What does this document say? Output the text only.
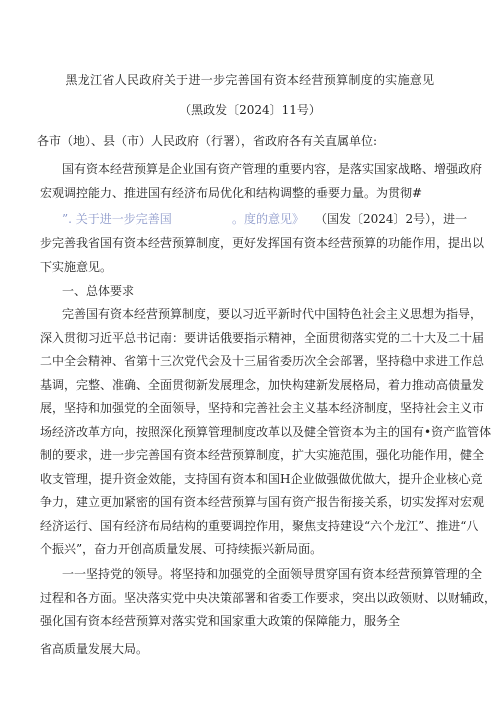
黑龙江省人民政府关于进一步完善国有资本经营预算制度的实施意见
（黑政发〔2024〕11号）
各市（地）、县（市）人民政府（行署），省政府各有关直属单位:
国有资本经营预算是企业国有资产管理的重要内容，是落实国家战略、增强政府
宏观调控能力、推进国有经济布局优化和结构调整的垂要力量。为贯彻#
”. 关于进一步完善国	。度的意见》 （国发〔2024〕2号），进一
步完善我省国有资本经营预算制度，更好发挥国有资本经营预算的功能作用，提出以
下实施意见。
一、总体要求
完善国有资本经营预算制度，要以习近平新时代中国特色社会主义思想为指导，
深入贯彻习近平总书记南：要讲话俄要指示精神，全面贯彻落实党的二十大及二十届
二中全会精神、省第十三次党代会及十三届省委历次全会部署，坚持稳中求进工作总
基调，完整、准确、全面贯彻新发展理念，加快构建新发展格局，着力推动高债量发
展，坚持和加强党的全面领导，坚持和完善社会主义基本经济制度，坚持社会主义市
场经济改革方向，按照深化预算管理制度改革以及健全管资本为主的国有•资产监管体
制的要求，进一步完善国有资本经营预算制度，扩大实施范围，强化功能作用，健全
收支管理，提升资金效能，支持国有资本和国H企业做强做优做大，提升企业核心竞
争力，建立更加紧密的国有资本经营预算与国有资产报告衔接关系，切实发挥对宏观
经济运行、国有经济布局结构的重要调控作用，聚焦支持建设“六个龙江”、推进“八
个振兴”，奋力开创高质量发展、可持续振兴新局面。
一一坚持党的领导。将坚持和加强党的全面领导贯穿国有资本经营预算管理的全
过程和各方面。坚决落实党中央决策部署和省委工作要求，突出以政领财、以财辅政，
强化国有资本经营预算对落实党和国家重大政策的保障能力，服务全
省高质量发展大局。
